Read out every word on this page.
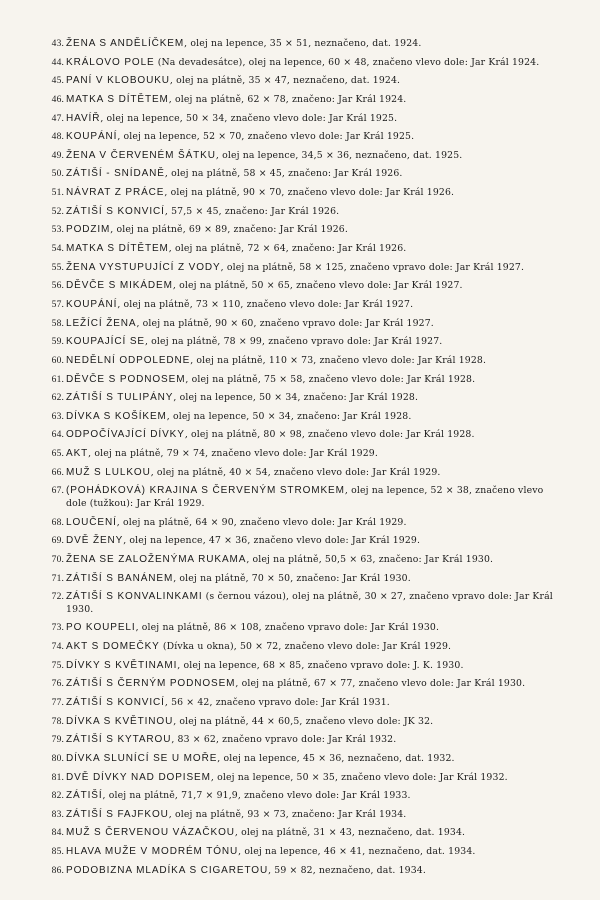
43. ŽENA S ANDĚLÍČKEM, olej na lepence, 35 × 51, neznačeno, dat. 1924.
44. KRÁLOVO POLE (Na devadesátce), olej na lepence, 60 × 48, značeno vlevo dole: Jar Král 1924.
45. PANÍ V KLOBOUKU, olej na plátně, 35 × 47, neznačeno, dat. 1924.
46. MATKA S DÍTĚTEM, olej na plátně, 62 × 78, značeno: Jar Král 1924.
47. HAVÍŘ, olej na lepence, 50 × 34, značeno vlevo dole: Jar Král 1925.
48. KOUPÁNÍ, olej na lepence, 52 × 70, značeno vlevo dole: Jar Král 1925.
49. ŽENA V ČERVENÉM ŠÁTKU, olej na lepence, 34,5 × 36, neznačeno, dat. 1925.
50. ZÁTIŠÍ - SNÍDANĚ, olej na plátně, 58 × 45, značeno: Jar Král 1926.
51. NÁVRAT Z PRÁCE, olej na plátně, 90 × 70, značeno vlevo dole: Jar Král 1926.
52. ZÁTIŠÍ S KONVICÍ, 57,5 × 45, značeno: Jar Král 1926.
53. PODZIM, olej na plátně, 69 × 89, značeno: Jar Král 1926.
54. MATKA S DÍTĚTEM, olej na plátně, 72 × 64, značeno: Jar Král 1926.
55. ŽENA VYSTUPUJÍCÍ Z VODY, olej na plátně, 58 × 125, značeno vpravo dole: Jar Král 1927.
56. DĚVČE S MIKÁDEM, olej na plátně, 50 × 65, značeno vlevo dole: Jar Král 1927.
57. KOUPÁNÍ, olej na plátně, 73 × 110, značeno vlevo dole: Jar Král 1927.
58. LEŽÍCÍ ŽENA, olej na plátně, 90 × 60, značeno vpravo dole: Jar Král 1927.
59. KOUPAJÍCÍ SE, olej na plátně, 78 × 99, značeno vpravo dole: Jar Král 1927.
60. NEDĚLNÍ ODPOLEDNE, olej na plátně, 110 × 73, značeno vlevo dole: Jar Král 1928.
61. DĚVČE S PODNOSEM, olej na plátně, 75 × 58, značeno vlevo dole: Jar Král 1928.
62. ZÁTIŠÍ S TULIPÁNY, olej na lepence, 50 × 34, značeno: Jar Král 1928.
63. DÍVKA S KOŠÍKEM, olej na lepence, 50 × 34, značeno: Jar Král 1928.
64. ODPOČÍVAJÍCÍ DÍVKY, olej na plátně, 80 × 98, značeno vlevo dole: Jar Král 1928.
65. AKT, olej na plátně, 79 × 74, značeno vlevo dole: Jar Král 1929.
66. MUŽ S LULKOU, olej na plátně, 40 × 54, značeno vlevo dole: Jar Král 1929.
67. (POHÁDKOVÁ) KRAJINA S ČERVENÝM STROMKEM, olej na lepence, 52 × 38, značeno vlevo dole (tužkou): Jar Král 1929.
68. LOUČENÍ, olej na plátně, 64 × 90, značeno vlevo dole: Jar Král 1929.
69. DVĚ ŽENY, olej na lepence, 47 × 36, značeno vlevo dole: Jar Král 1929.
70. ŽENA SE ZALOŽENÝMA RUKAMA, olej na plátně, 50,5 × 63, značeno: Jar Král 1930.
71. ZÁTIŠÍ S BANÁNEM, olej na plátně, 70 × 50, značeno: Jar Král 1930.
72. ZÁTIŠÍ S KONVALINKAMI (s černou vázou), olej na plátně, 30 × 27, značeno vpravo dole: Jar Král 1930.
73. PO KOUPELI, olej na plátně, 86 × 108, značeno vpravo dole: Jar Král 1930.
74. AKT S DOMEČKY (Dívka u okna), 50 × 72, značeno vlevo dole: Jar Král 1929.
75. DÍVKY S KVĚTINAMI, olej na lepence, 68 × 85, značeno vpravo dole: J. K. 1930.
76. ZÁTIŠÍ S ČERNÝM PODNOSEM, olej na plátně, 67 × 77, značeno vlevo dole: Jar Král 1930.
77. ZÁTIŠÍ S KONVICÍ, 56 × 42, značeno vpravo dole: Jar Král 1931.
78. DÍVKA S KVĚTINOU, olej na plátně, 44 × 60,5, značeno vlevo dole: JK 32.
79. ZÁTIŠÍ S KYTAROU, 83 × 62, značeno vpravo dole: Jar Král 1932.
80. DÍVKA SLUNÍCÍ SE U MOŘE, olej na lepence, 45 × 36, neznačeno, dat. 1932.
81. DVĚ DÍVKY NAD DOPISEM, olej na lepence, 50 × 35, značeno vlevo dole: Jar Král 1932.
82. ZÁTIŠÍ, olej na plátně, 71,7 × 91,9, značeno vlevo dole: Jar Král 1933.
83. ZÁTIŠÍ S FAJFKOU, olej na plátně, 93 × 73, značeno: Jar Král 1934.
84. MUŽ S ČERVENOU VÁZAČKOU, olej na plátně, 31 × 43, neznačeno, dat. 1934.
85. HLAVA MUŽE V MODRÉM TÓNU, olej na lepence, 46 × 41, neznačeno, dat. 1934.
86. PODOBIZNA MLADÍKA S CIGARETOU, 59 × 82, neznačeno, dat. 1934.
